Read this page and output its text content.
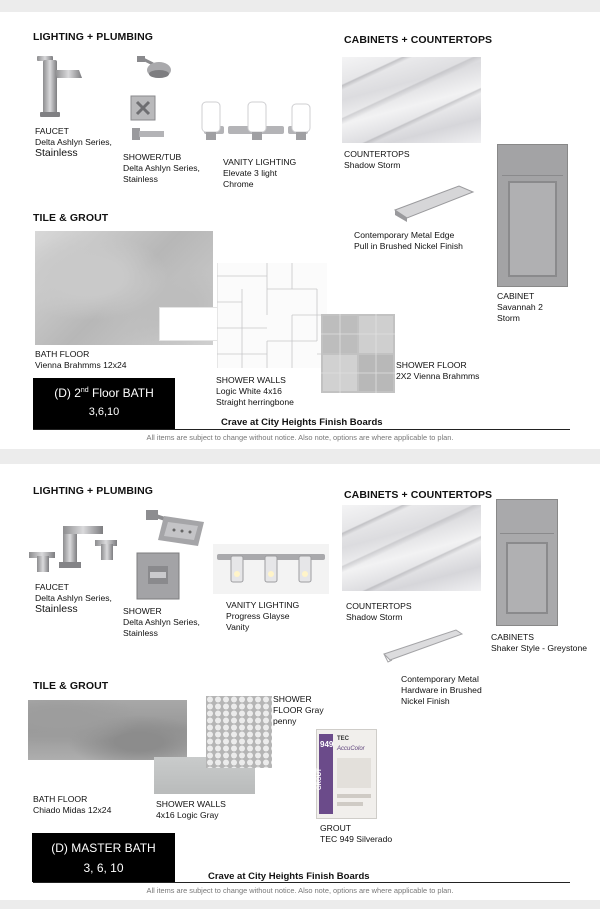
LIGHTING + PLUMBING	CABINETS + COUNTERTOPS
FAUCET
Delta Ashlyn Series,
Stainless	SHOWER/TUB
Delta Ashlyn Series,
Stainless
VANITY LIGHTING
Elevate 3 light
Chrome
COUNTERTOPS
Shadow Storm
CABINET
Savannah 2
Storm
Contemporary Metal Edge
Pull in Brushed Nickel Finish
TILE & GROUT
BATH FLOOR
Vienna Brahmms 12x24
SHOWER WALLS
Logic White 4x16
Straight herringbone
SHOWER FLOOR
2X2 Vienna Brahmms
(D) 2nd Floor BATH
3,6,10
Crave at City Heights Finish Boards
All items are subject to change without notice. Also note, options are where applicable to plan.
LIGHTING + PLUMBING	CABINETS + COUNTERTOPS
FAUCET
Delta Ashlyn Series,
Stainless	SHOWER
Delta Ashlyn Series,
Stainless
VANITY LIGHTING
Progress Glayse
Vanity
COUNTERTOPS
Shadow Storm
CABINETS
Shaker Style - Greystone
Contemporary Metal
Hardware in Brushed
Nickel Finish
TILE & GROUT
BATH FLOOR
Chiado Midas 12x24
SHOWER WALLS
4x16 Logic Gray
SHOWER
FLOOR Gray
penny
949
GROUT
TEC
AccuColor
GROUT
TEC 949 Silverado
(D) MASTER BATH
3, 6, 10
Crave at City Heights Finish Boards
All items are subject to change without notice. Also note, options are where applicable to plan.
